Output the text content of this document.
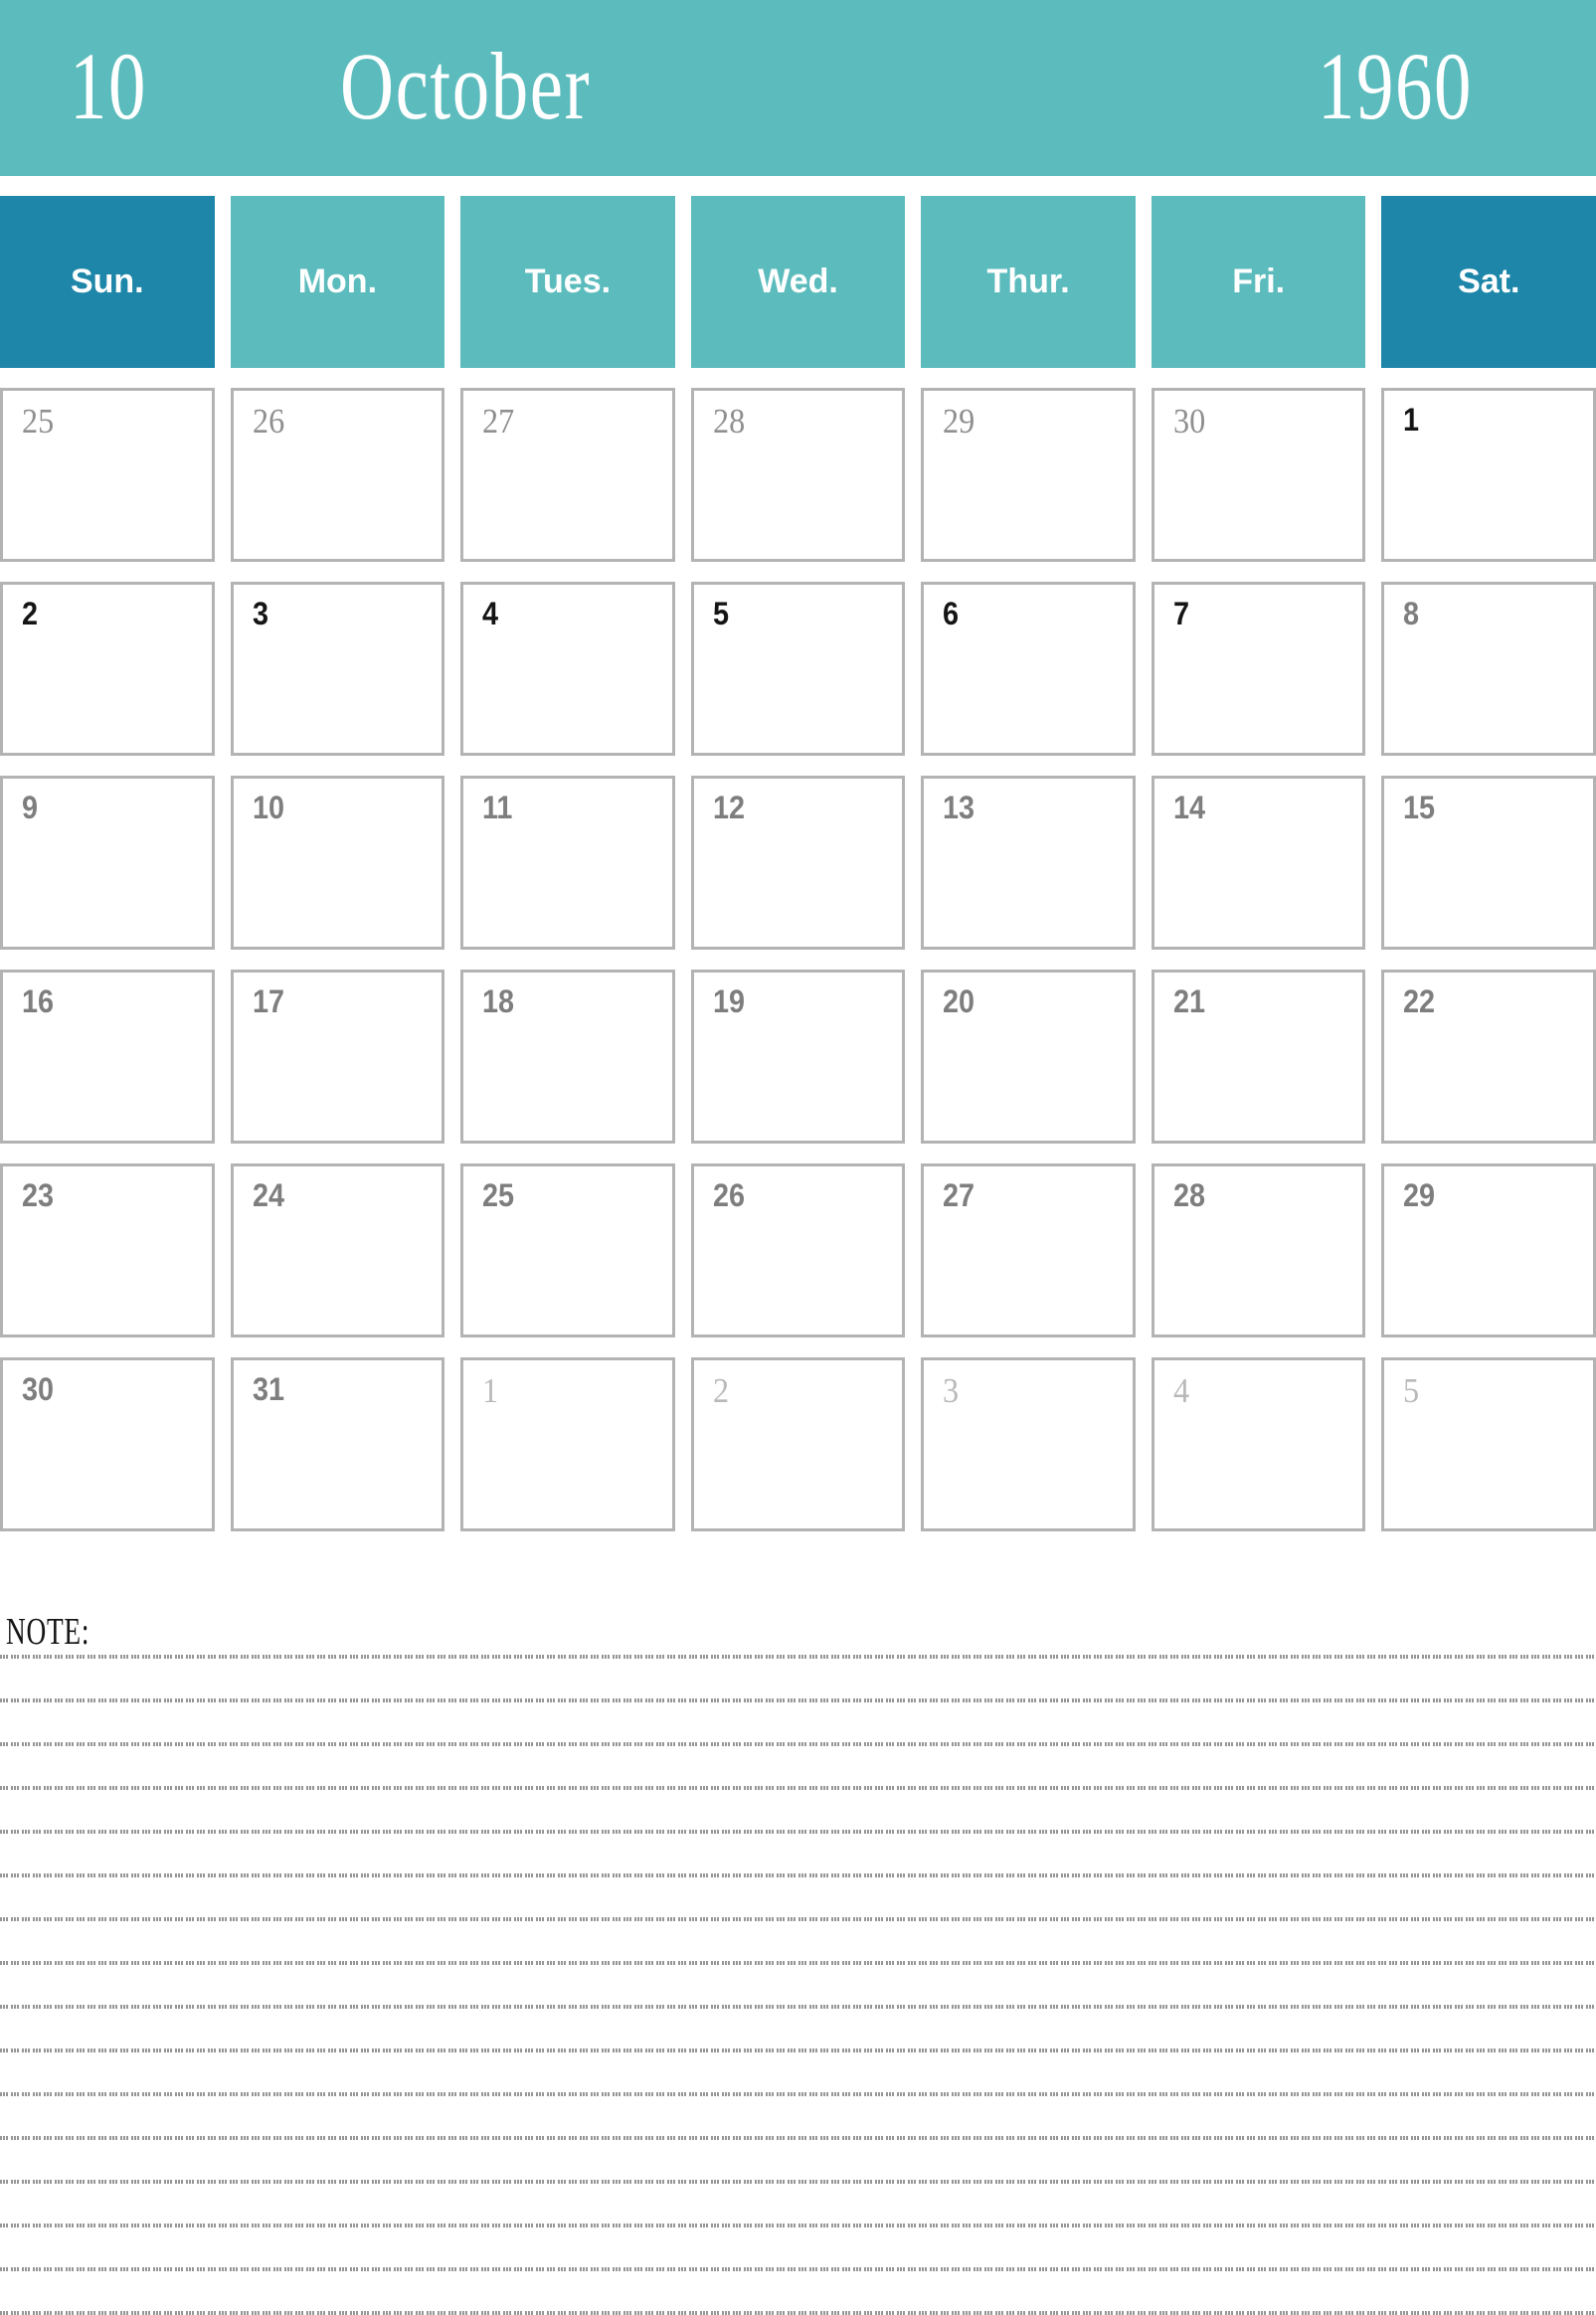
10 October	1960
Sun.	Mon.	Tues.	Wed.	Thur.	Fri.	Sat.
25	26	27	28	29	30	1
2	3	4	5	6	7	8
9	10	11	12	13	14	15
16	17	18	19	20	21	22
23	24	25	26	27	28	29
30	31	1	2	3	4	5
NOTE:
